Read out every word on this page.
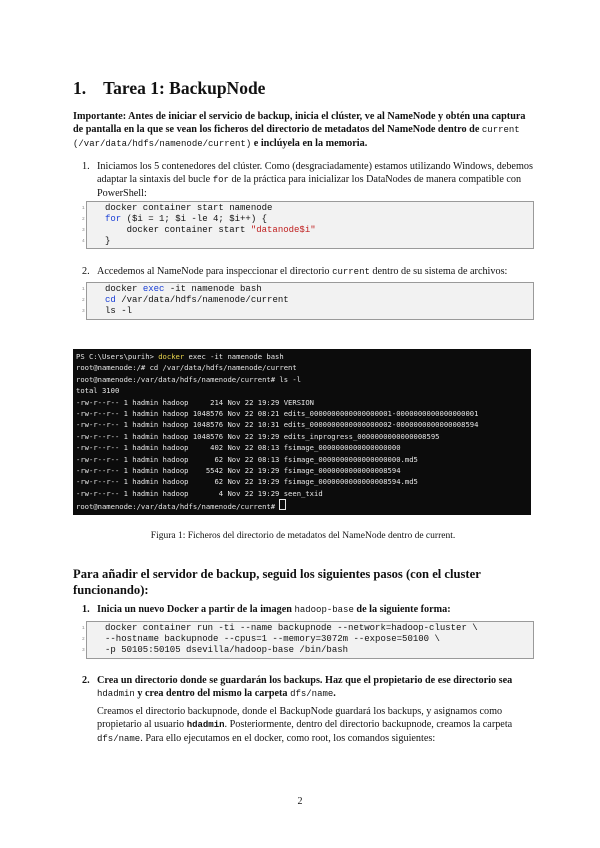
1. Tarea 1: BackupNode
Importante: Antes de iniciar el servicio de backup, inicia el clúster, ve al NameNode y obtén una captura de pantalla en la que se vean los ficheros del directorio de metadatos del NameNode dentro de current (/var/data/hdfs/namenode/current) e inclúyela en la memoria.
1. Iniciamos los 5 contenedores del clúster. Como (desgraciadamente) estamos utilizando Windows, debemos adaptar la sintaxis del bucle for de la práctica para inicializar los DataNodes de manera compatible con PowerShell:
1 docker container start namenode
2 for ($i = 1; $i -le 4; $i++) {
3 docker container start "datanode$i"
4 }
2. Accedemos al NameNode para inspeccionar el directorio current dentro de su sistema de archivos:
1 docker exec -it namenode bash
2 cd /var/data/hdfs/namenode/current
3 ls -l
PS C:\Users\purih> docker exec -it namenode bash
root@namenode:/# cd /var/data/hdfs/namenode/current
root@namenode:/var/data/hdfs/namenode/current# ls -l
total 3100
-rw-r--r-- 1 hadmin hadoop     214 Nov 22 19:29 VERSION
-rw-r--r-- 1 hadmin hadoop 1048576 Nov 22 08:21 edits_0000000000000000001-0000000000000000001
-rw-r--r-- 1 hadmin hadoop 1048576 Nov 22 10:31 edits_0000000000000000002-0000000000000008594
-rw-r--r-- 1 hadmin hadoop 1048576 Nov 22 19:29 edits_inprogress_0000000000000008595
-rw-r--r-- 1 hadmin hadoop     402 Nov 22 08:13 fsimage_0000000000000000000
-rw-r--r-- 1 hadmin hadoop      62 Nov 22 08:13 fsimage_0000000000000000000.md5
-rw-r--r-- 1 hadmin hadoop    5542 Nov 22 19:29 fsimage_0000000000000008594
-rw-r--r-- 1 hadmin hadoop      62 Nov 22 19:29 fsimage_0000000000000008594.md5
-rw-r--r-- 1 hadmin hadoop       4 Nov 22 19:29 seen_txid
root@namenode:/var/data/hdfs/namenode/current#
Figura 1: Ficheros del directorio de metadatos del NameNode dentro de current.
Para añadir el servidor de backup, seguid los siguientes pasos (con el cluster funcionando):
1. Inicia un nuevo Docker a partir de la imagen hadoop-base de la siguiente forma:
1 docker container run -ti --name backupnode --network=hadoop-cluster \
2 --hostname backupnode --cpus=1 --memory=3072m --expose=50100 \
3 -p 50105:50105 dsevilla/hadoop-base /bin/bash
2. Crea un directorio donde se guardarán los backups. Haz que el propietario de ese directorio sea hdadmin y crea dentro del mismo la carpeta dfs/name.
Creamos el directorio backupnode, donde el BackupNode guardará los backups, y asignamos como propietario al usuario hdadmin. Posteriormente, dentro del directorio backupnode, creamos la carpeta dfs/name. Para ello ejecutamos en el docker, como root, los comandos siguientes:
2
